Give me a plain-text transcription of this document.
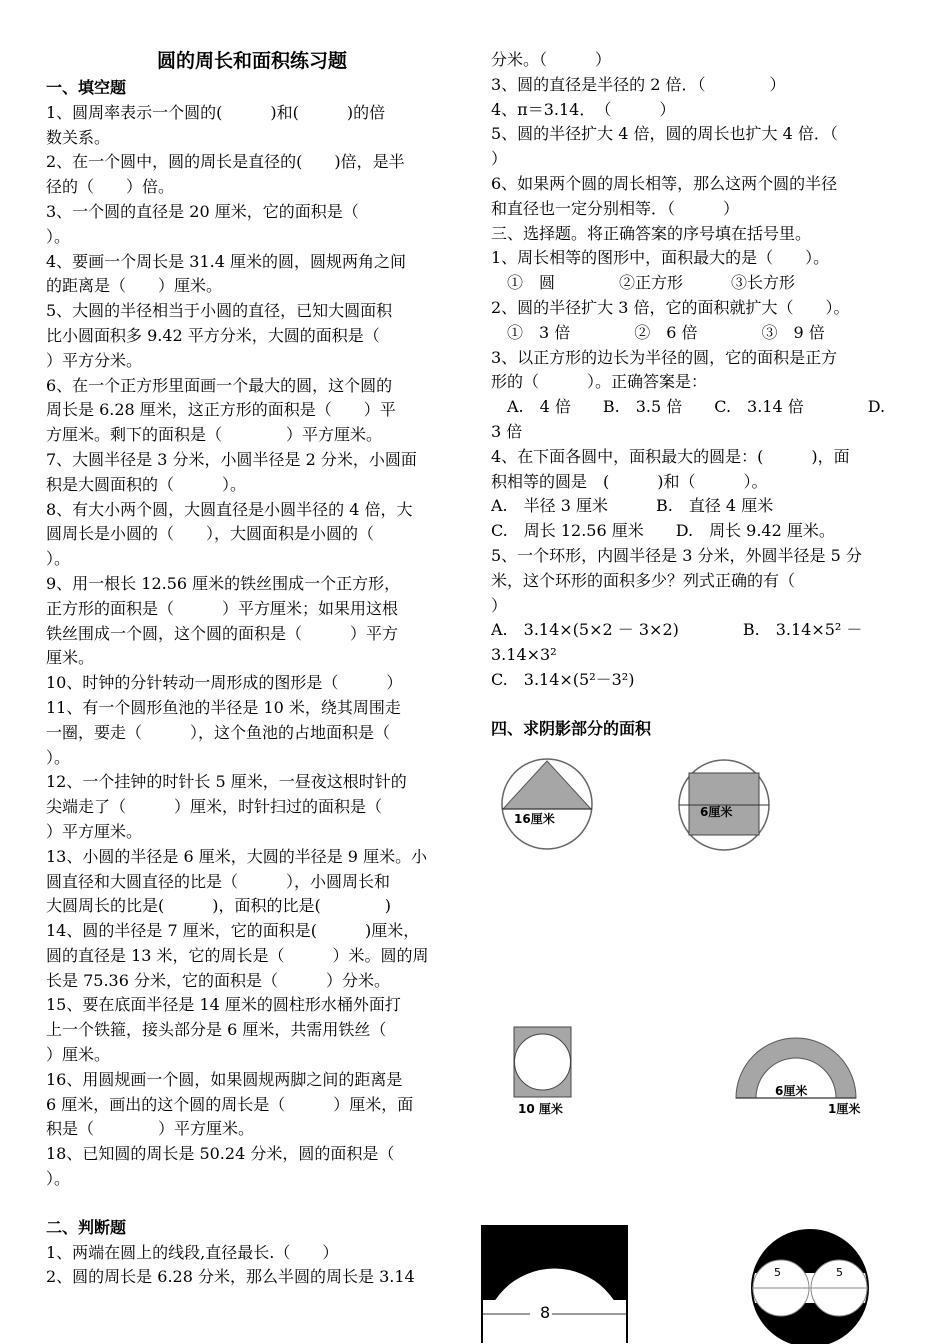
圆的周长和面积练习题
一、填空题
1、圆周率表示一个圆的(　　　)和(　　　)的倍
数关系。
2、在一个圆中，圆的周长是直径的(　　)倍，是半
径的（　　）倍。
3、一个圆的直径是 20 厘米，它的面积是（
）。
4、要画一个周长是 31.4 厘米的圆，圆规两角之间
的距离是（　　）厘米。
5、大圆的半径相当于小圆的直径，已知大圆面积
比小圆面积多 9.42 平方分米，大圆的面积是（
）平方分米。
6、在一个正方形里面画一个最大的圆，这个圆的
周长是 6.28 厘米，这正方形的面积是（　　）平
方厘米。剩下的面积是（　　　　）平方厘米。
7、大圆半径是 3 分米，小圆半径是 2 分米，小圆面
积是大圆面积的（　　　）。
8、有大小两个圆，大圆直径是小圆半径的 4 倍，大
圆周长是小圆的（　　），大圆面积是小圆的（
）。
9、用一根长 12.56 厘米的铁丝围成一个正方形，
正方形的面积是（　　　）平方厘米；如果用这根
铁丝围成一个圆，这个圆的面积是（　　　）平方
厘米。
10、时钟的分针转动一周形成的图形是（　　　）
11、有一个圆形鱼池的半径是 10 米，绕其周围走
一圈，要走（　　　），这个鱼池的占地面积是（
）。
12、一个挂钟的时针长 5 厘米，一昼夜这根时针的
尖端走了（　　　）厘米，时针扫过的面积是（
）平方厘米。
13、小圆的半径是 6 厘米，大圆的半径是 9 厘米。小
圆直径和大圆直径的比是（　　　），小圆周长和
大圆周长的比是(　　　)，面积的比是(　　　　)
14、圆的半径是 7 厘米，它的面积是(　　　)厘米，
圆的直径是 13 米，它的周长是（　　　）米。圆的周
长是 75.36 分米，它的面积是（　　　）分米。
15、要在底面半径是 14 厘米的圆柱形水桶外面打
上一个铁箍，接头部分是 6 厘米，共需用铁丝（
）厘米。
16、用圆规画一个圆，如果圆规两脚之间的距离是
6 厘米，画出的这个圆的周长是（　　　）厘米，面
积是（　　　　）平方厘米。
18、已知圆的周长是 50.24 分米，圆的面积是（
）。
二、判断题
1、两端在圆上的线段,直径最长.（　　）
2、圆的周长是 6.28 分米，那么半圆的周长是 3.14
分米。（　　　）
3、圆的直径是半径的 2 倍．（　　　　）
4、π＝3.14．　（　　　）
5、圆的半径扩大 4 倍，圆的周长也扩大 4 倍．（
）
6、如果两个圆的周长相等，那么这两个圆的半径
和直径也一定分别相等．（　　　）
三、选择题。将正确答案的序号填在括号里。
1、周长相等的图形中，面积最大的是（　　）。
　①　圆　　　　②正方形　　　③长方形
2、圆的半径扩大 3 倍，它的面积就扩大（　　）。
　①　3 倍　　　　②　6 倍　　　　③　9 倍
3、以正方形的边长为半径的圆，它的面积是正方
形的（　　　）。正确答案是：
　A.　4 倍　　B.　3.5 倍　　C.　3.14 倍　　　　D.
3 倍
4、在下面各圆中，面积最大的圆是：(　　　)，面
积相等的圆是　(　　　)和（　　　）。
A.　半径 3 厘米　　　B.　直径 4 厘米
C.　周长 12.56 厘米　　D.　周长 9.42 厘米。
5、一个环形，内圆半径是 3 分米，外圆半径是 5 分
米，这个环形的面积多少？列式正确的有（
）
A.　3.14×(5×2 － 3×2)　　　　B.　3.14×5² －
3.14×3²
C.　3.14×(5²－3²)
四、求阴影部分的面积
16厘米	6厘米
10 厘米
6厘米
1厘米
8
5	5
